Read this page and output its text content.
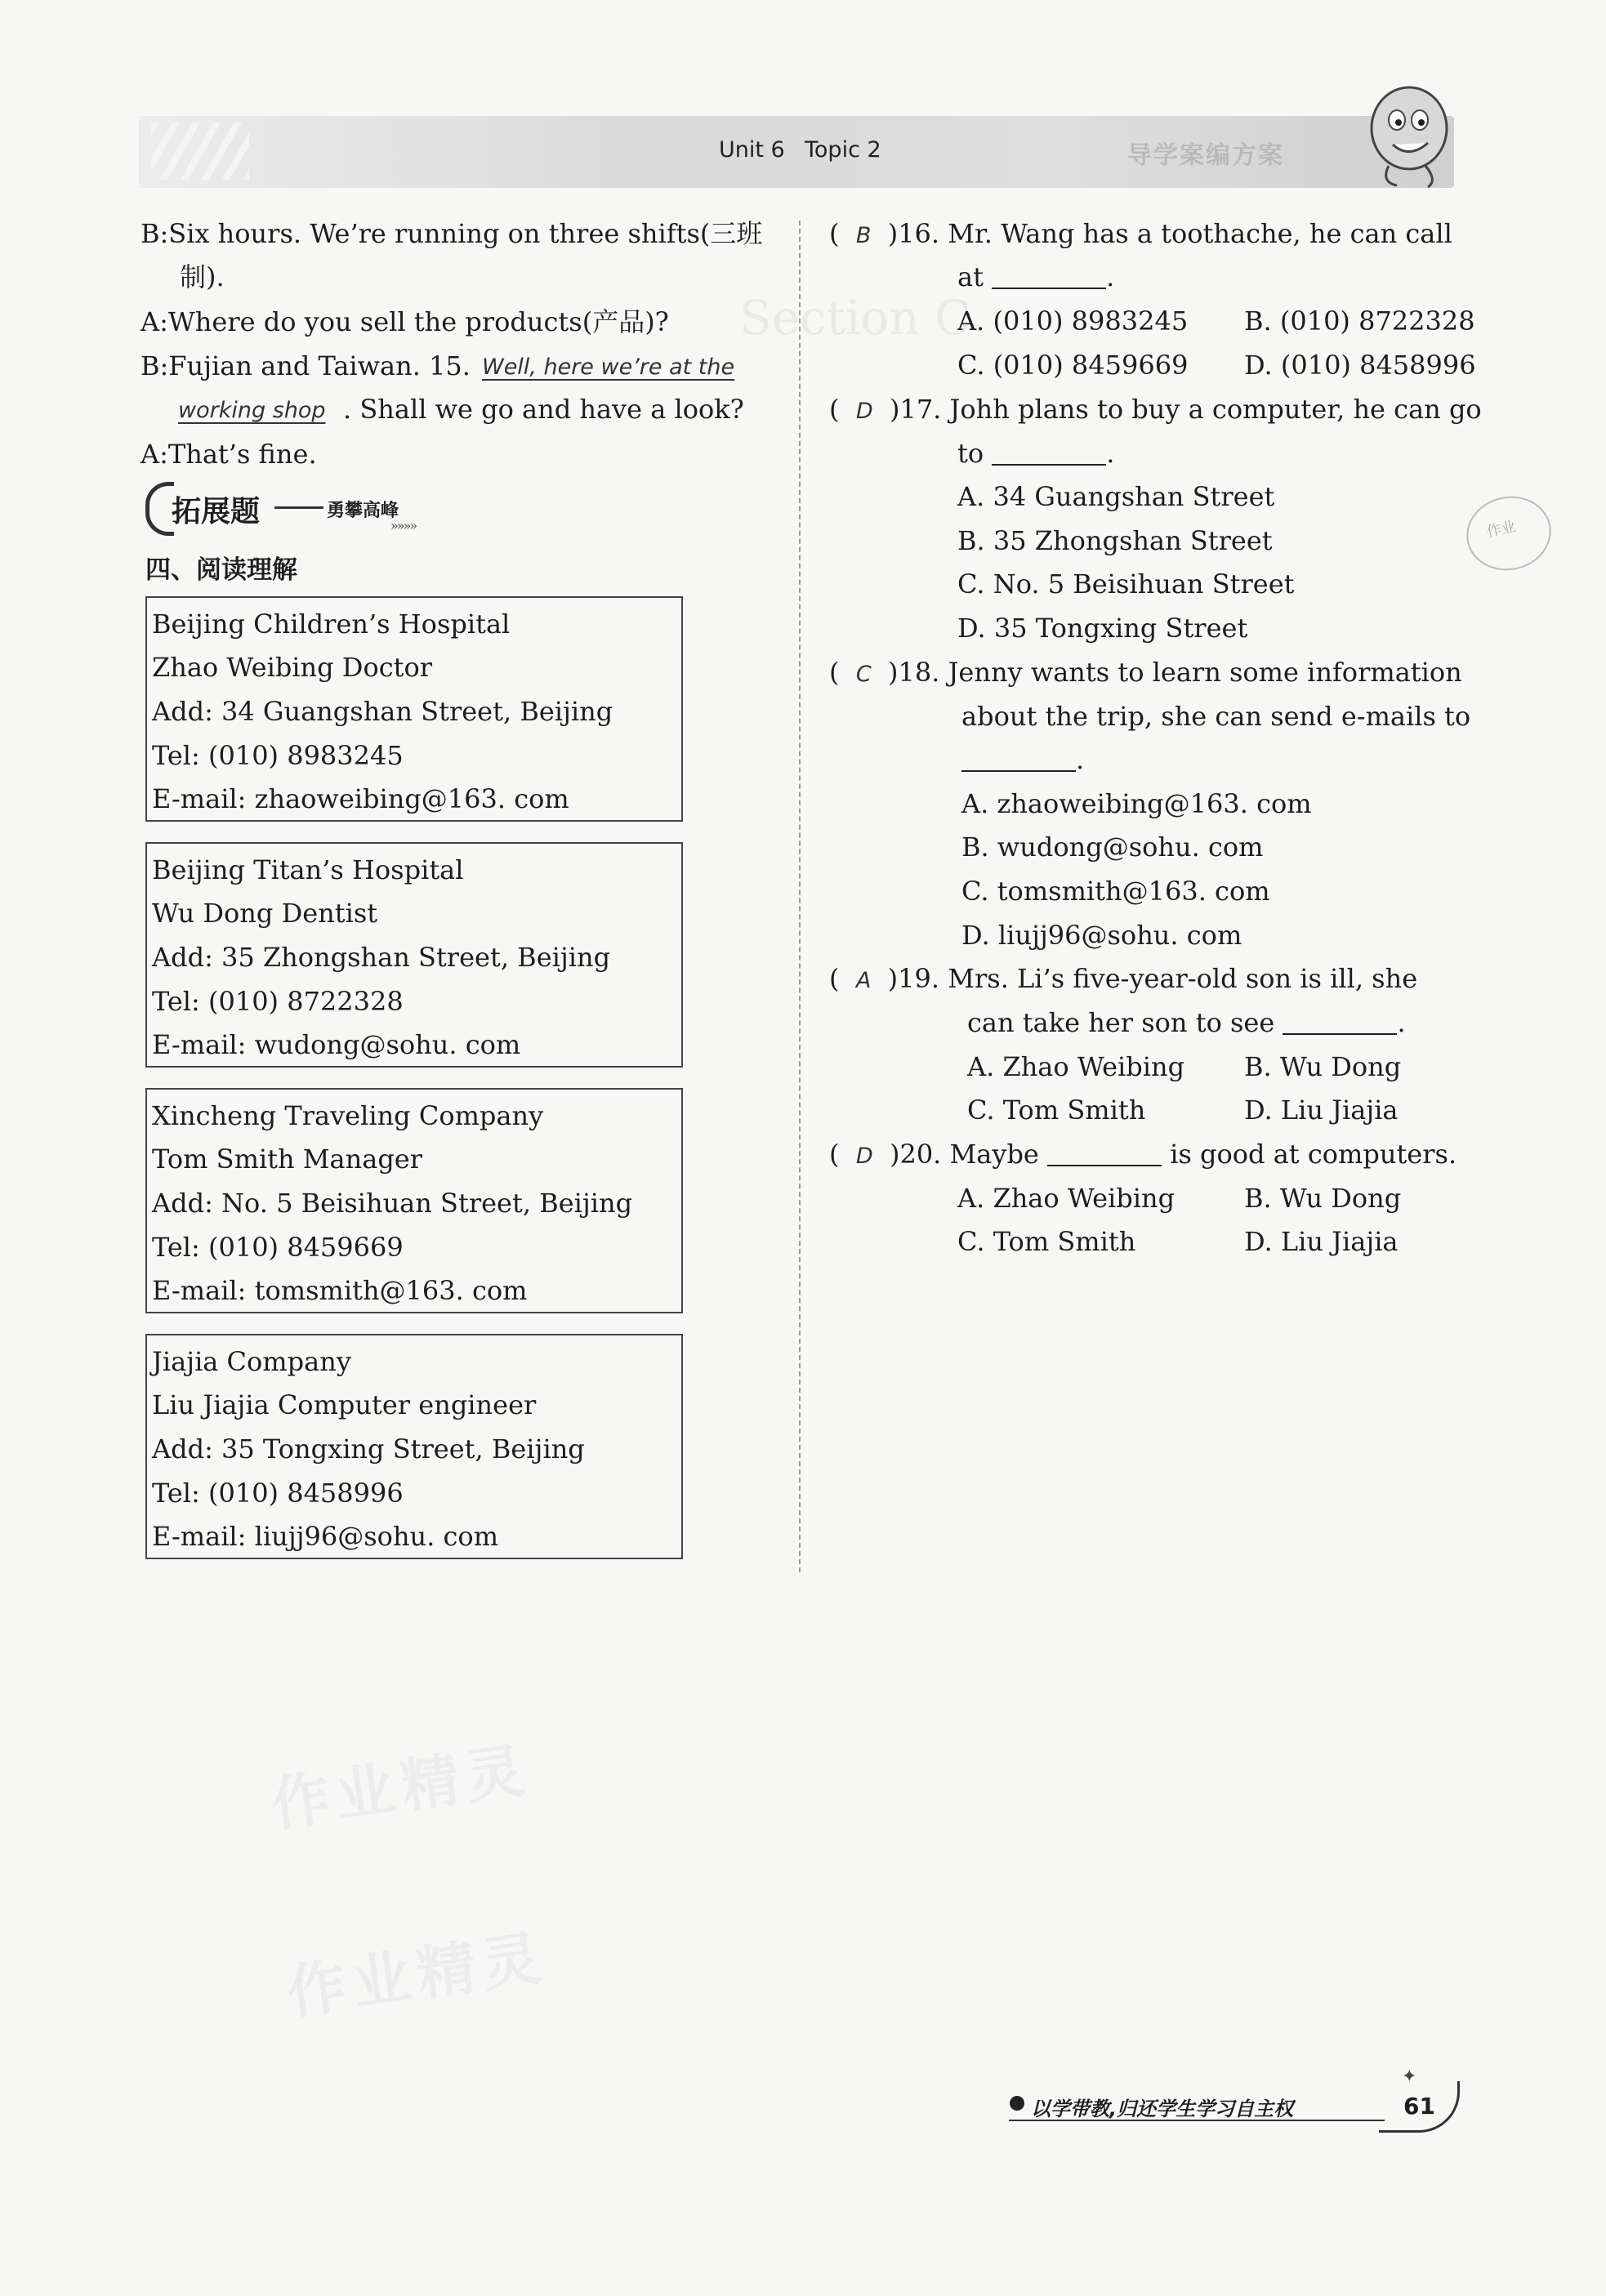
Unit 6 Topic 2	导学案编方案
Section C
作业精灵
作业精灵
作业
B:Six hours. We’re running on three shifts(三班
制).
A:Where do you sell the products(产品)?
B:Fujian and Taiwan. 15. Well, here we’re at the
working shop . Shall we go and have a look?
A:That’s fine.
拓展题	勇攀高峰
»»»»
四、阅读理解
Beijing Children’s Hospital
Zhao Weibing Doctor
Add: 34 Guangshan Street, Beijing
Tel: (010) 8983245
E-mail: zhaoweibing@163. com
Beijing Titan’s Hospital
Wu Dong Dentist
Add: 35 Zhongshan Street, Beijing
Tel: (010) 8722328
E-mail: wudong@sohu. com
Xincheng Traveling Company
Tom Smith Manager
Add: No. 5 Beisihuan Street, Beijing
Tel: (010) 8459669
E-mail: tomsmith@163. com
Jiajia Company
Liu Jiajia Computer engineer
Add: 35 Tongxing Street, Beijing
Tel: (010) 8458996
E-mail: liujj96@sohu. com
(  B )16. Mr. Wang has a toothache, he can call
at	.
A. (010) 8983245 B. (010) 8722328
C. (010) 8459669 D. (010) 8458996
(  D )17. Johh plans to buy a computer, he can go
to	.
A. 34 Guangshan Street
B. 35 Zhongshan Street
C. No. 5 Beisihuan Street
D. 35 Tongxing Street
(  C )18. Jenny wants to learn some information
about the trip, she can send e-mails to
.
A. zhaoweibing@163. com
B. wudong@sohu. com
C. tomsmith@163. com
D. liujj96@sohu. com
(  A )19. Mrs. Li’s five-year-old son is ill, she
can take her son to see	.
A. Zhao Weibing B. Wu Dong
C. Tom Smith	D. Liu Jiajia
(  D )20. Maybe	is good at computers.
A. Zhao Weibing	B. Wu Dong
C. Tom Smith	D. Liu Jiajia
以学带教,归还学生学习自主权
✦
61
